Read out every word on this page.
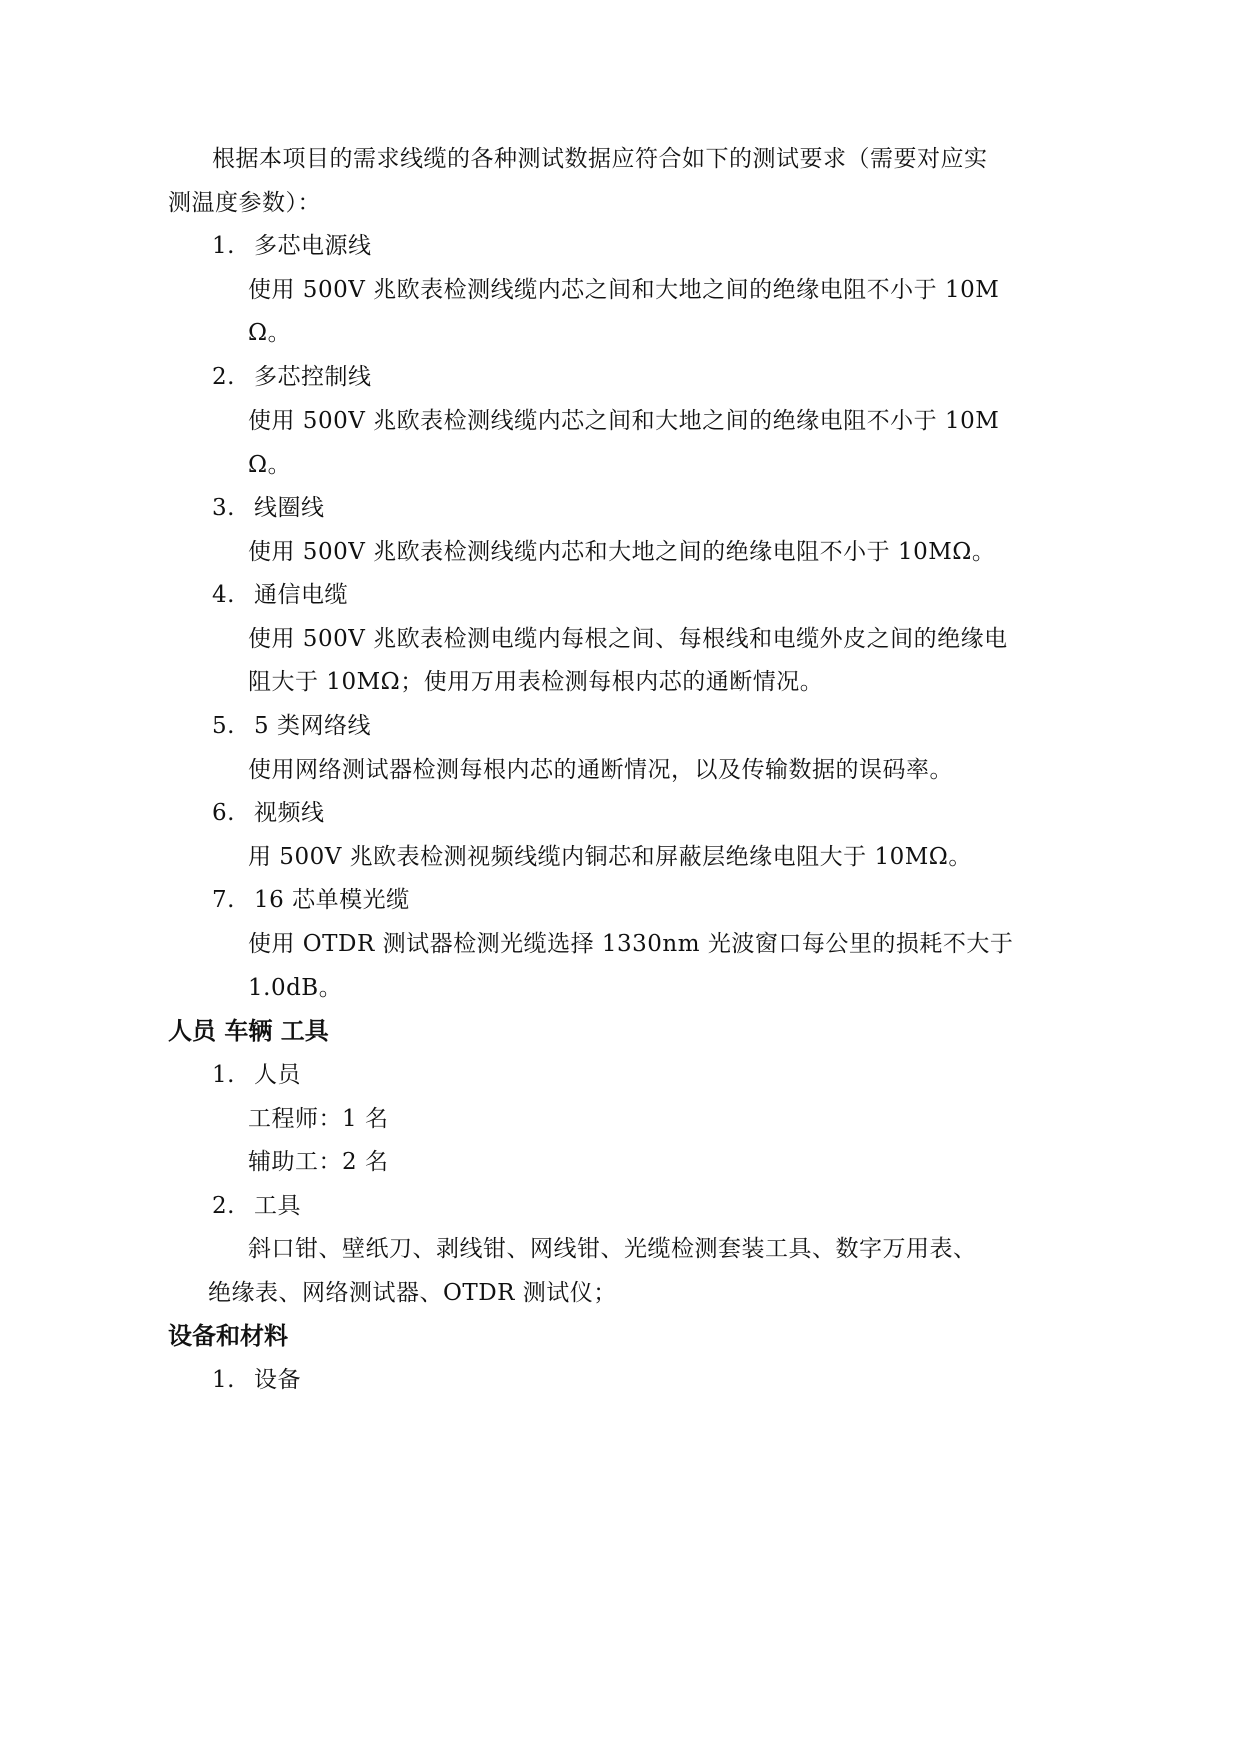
根据本项目的需求线缆的各种测试数据应符合如下的测试要求（需要对应实
测温度参数）：
1. 多芯电源线
使用 500V 兆欧表检测线缆内芯之间和大地之间的绝缘电阻不小于 10M
Ω。
2. 多芯控制线
使用 500V 兆欧表检测线缆内芯之间和大地之间的绝缘电阻不小于 10M
Ω。
3. 线圈线
使用 500V 兆欧表检测线缆内芯和大地之间的绝缘电阻不小于 10MΩ。
4. 通信电缆
使用 500V 兆欧表检测电缆内每根之间、每根线和电缆外皮之间的绝缘电
阻大于 10MΩ；使用万用表检测每根内芯的通断情况。
5. 5 类网络线
使用网络测试器检测每根内芯的通断情况，以及传输数据的误码率。
6. 视频线
用 500V 兆欧表检测视频线缆内铜芯和屏蔽层绝缘电阻大于 10MΩ。
7. 16 芯单模光缆
使用 OTDR 测试器检测光缆选择 1330nm 光波窗口每公里的损耗不大于
1.0dB。
人员 车辆 工具
1. 人员
工程师：1 名
辅助工：2 名
2. 工具
斜口钳、壁纸刀、剥线钳、网线钳、光缆检测套装工具、数字万用表、
绝缘表、网络测试器、OTDR 测试仪；
设备和材料
1. 设备
